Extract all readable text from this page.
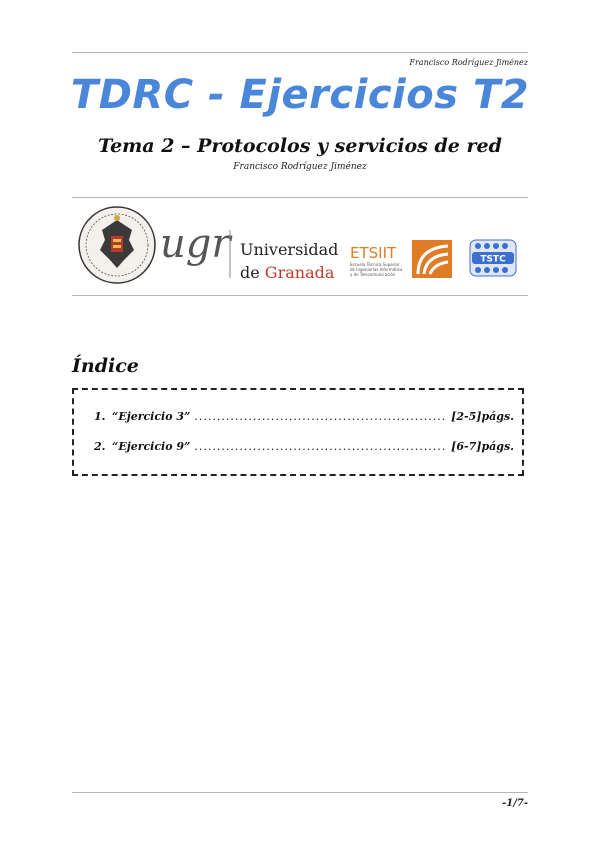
Francisco Rodríguez Jiménez
TDRC - Ejercicios T2
Tema 2 – Protocolos y servicios de red
Francisco Rodríguez Jiménez
ugr Universidad
de Granada
ETSIIT
Escuela Técnica Superior
de Ingenierías Informática
y de Telecomunicación
TSTC
Índice
1. “Ejercicio 3” .....	[2-5]págs.
2. “Ejercicio 9” .....	[6-7]págs.
-1/7-
